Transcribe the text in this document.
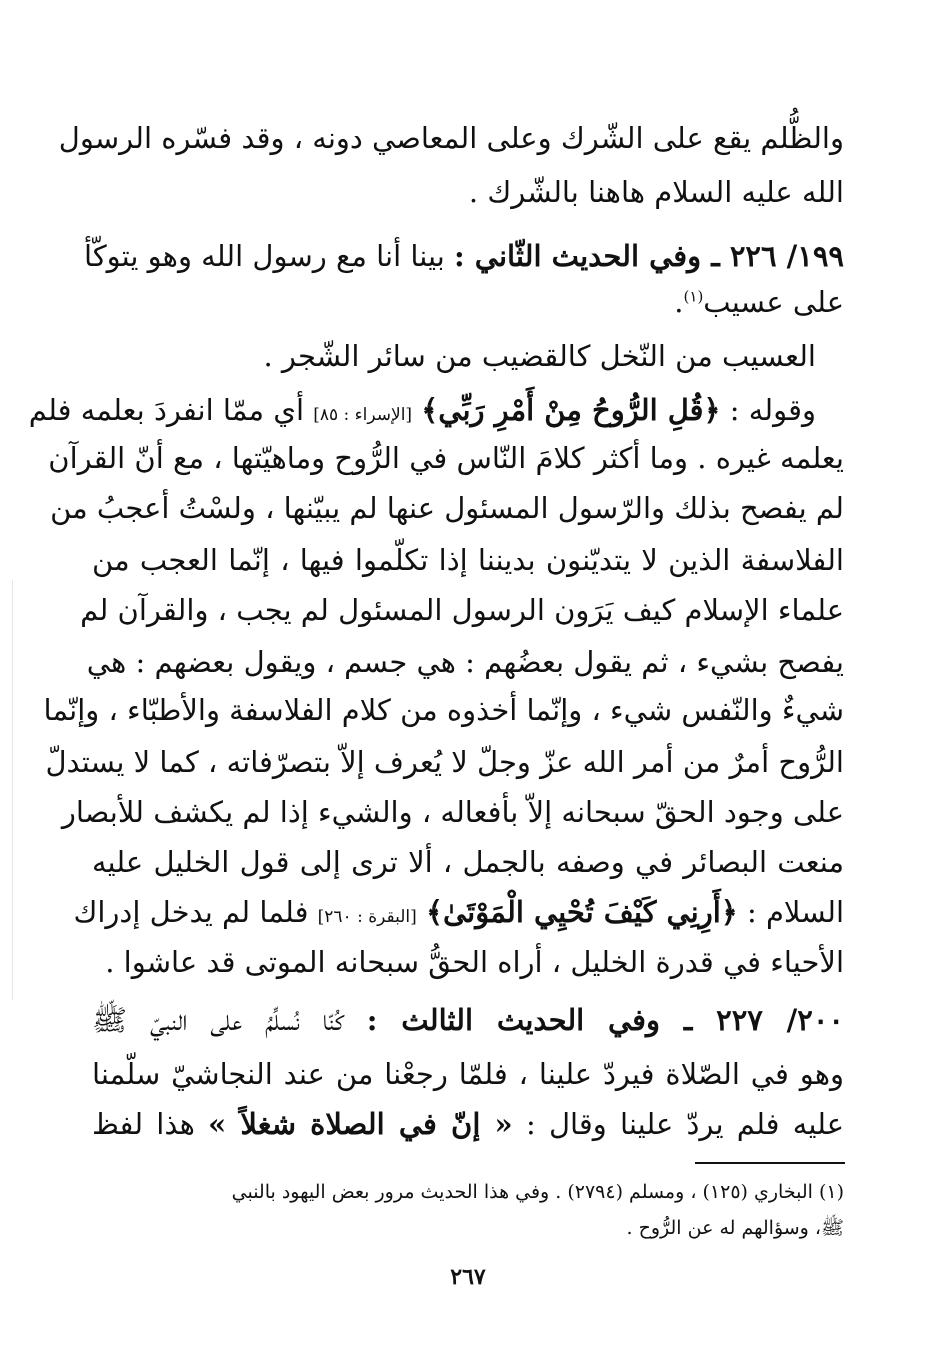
والظُّلم يقع على الشّرك وعلى المعاصي دونه ، وقد فسّره الرسول
الله عليه السلام هاهنا بالشّرك .
١٩٩/ ٢٢٦ ـ وفي الحديث الثّاني : بينا أنا مع رسول الله وهو يتوكّأ
على عسيب$^{(١)}$.
العسيب من النّخل كالقضيب من سائر الشّجر .
وقوله : ﴿قُلِ الرُّوحُ مِنْ أَمْرِ رَبِّي﴾ [الإسراء : ٨٥] أي ممّا انفردَ بعلمه فلم
يعلمه غيره . وما أكثر كلامَ النّاس في الرُّوح وماهيّتها ، مع أنّ القرآن
لم يفصح بذلك والرّسول المسئول عنها لم يبيّنها ، ولسْتُ أعجبُ من
الفلاسفة الذين لا يتديّنون بديننا إذا تكلّموا فيها ، إنّما العجب من
علماء الإسلام كيف يَرَون الرسول المسئول لم يجب ، والقرآن لم
يفصح بشيء ، ثم يقول بعضُهم : هي جسم ، ويقول بعضهم : هي
شيءٌ والنّفس شيء ، وإنّما أخذوه من كلام الفلاسفة والأطبّاء ، وإنّما
الرُّوح أمرٌ من أمر الله عزّ وجلّ لا يُعرف إلاّ بتصرّفاته ، كما لا يستدلّ
على وجود الحقّ سبحانه إلاّ بأفعاله ، والشيء إذا لم يكشف للأبصار
منعت البصائر في وصفه بالجمل ، ألا ترى إلى قول الخليل عليه
السلام : ﴿أَرِنِي كَيْفَ تُحْيِي الْمَوْتَىٰ﴾ [البقرة : ٢٦٠] فلما لم يدخل إدراك
الأحياء في قدرة الخليل ، أراه الحقُّ سبحانه الموتى قد عاشوا .
٢٠٠/ ٢٢٧ ـ وفي الحديث الثالث : كُنّا نُسلِّمُ على النبيّ ﷺ
وهو في الصّلاة فيردّ علينا ، فلمّا رجعْنا من عند النجاشيّ سلّمنا
عليه فلم يردّ علينا وقال : « إنّ في الصلاة شغلاً » هذا لفظ
(١) البخاري (١٢٥) ، ومسلم (٢٧٩٤) . وفي هذا الحديث مرور بعض اليهود بالنبي
ﷺ، وسؤالهم له عن الرُّوح .
٢٦٧
